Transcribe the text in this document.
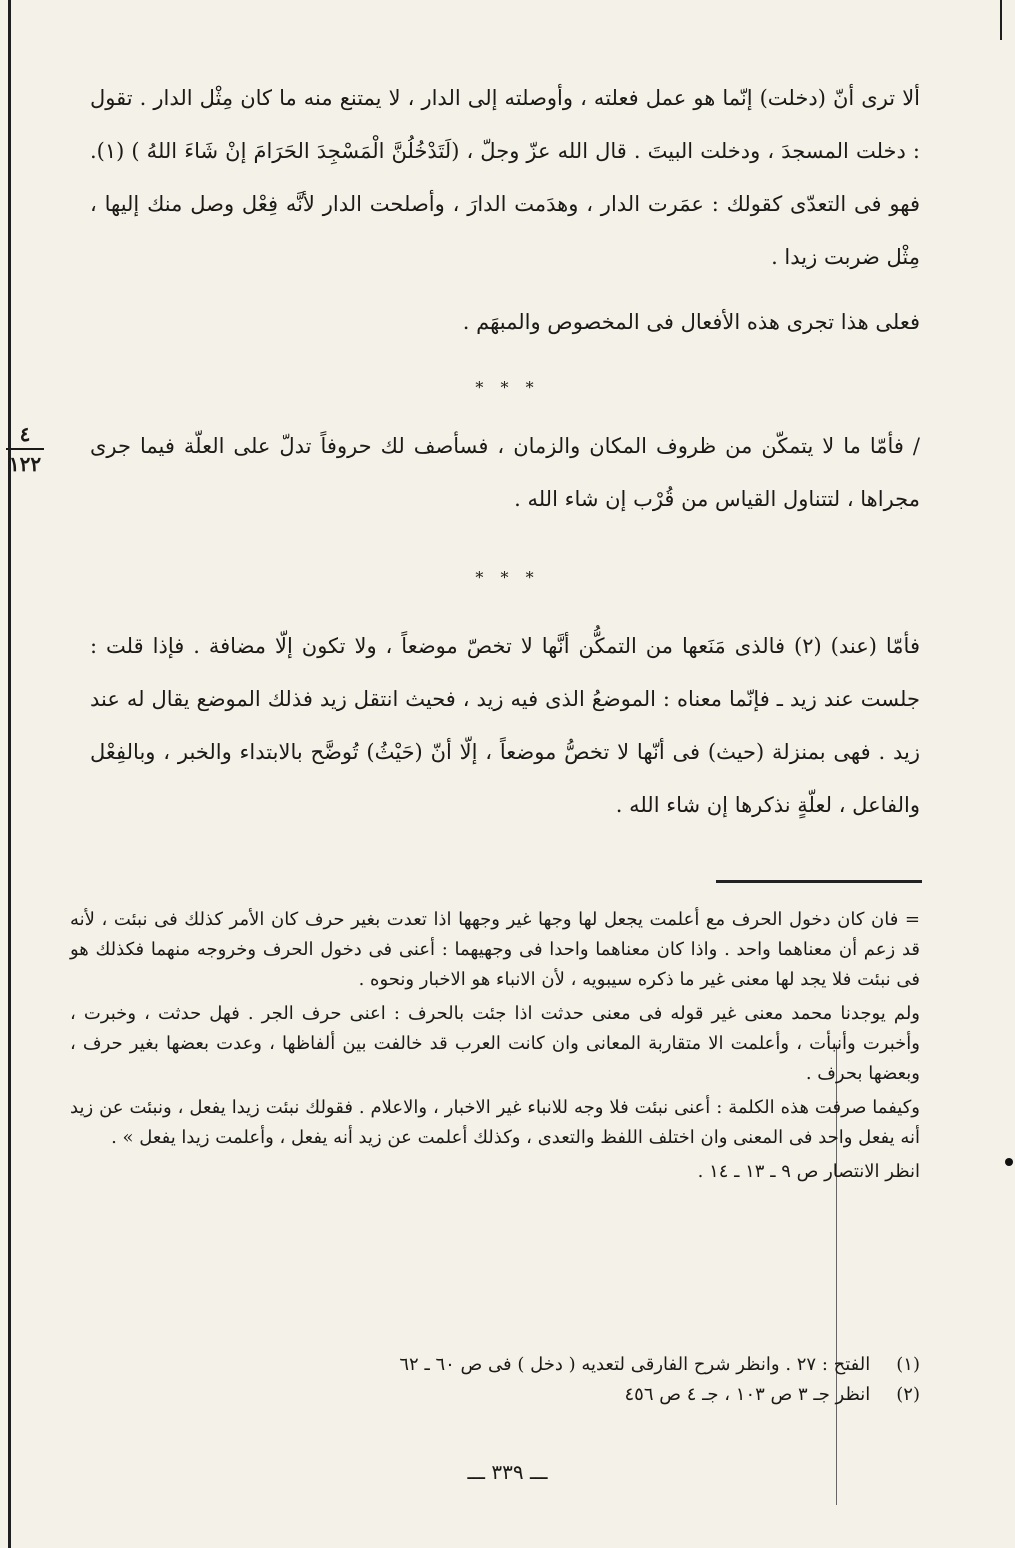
ألا ترى أنّ (دخلت) إنّما هو عمل فعلته ، وأوصلته إلى الدار ، لا يمتنع منه ما كان مِثْل الدار . تقول : دخلت المسجدَ ، ودخلت البيتَ . قال الله عزّ وجلّ ، (لَتَدْخُلُنَّ الْمَسْجِدَ الحَرَامَ إنْ شَاءَ اللهُ ) (١). فهو فى التعدّى كقولك : عمَرت الدار ، وهدَمت الدارَ ، وأصلحت الدار لأنَّه فِعْل وصل منك إليها ، مِثْل ضربت زيدا .

فعلى هذا تجرى هذه الأفعال فى المخصوص والمبهَم .

* * *
٤
١٢٢

/ فأمّا ما لا يتمكّن من ظروف المكان والزمان ، فسأصف لك حروفاً تدلّ على العلّة فيما جرى مجراها ، لتتناول القياس من قُرْب إن شاء الله .

* * *

فأمّا (عند) (٢) فالذى مَنَعها من التمكُّن أنَّها لا تخصّ موضعاً ، ولا تكون إلّا مضافة . فإذا قلت : جلست عند زيد ـ فإنّما معناه : الموضعُ الذى فيه زيد ، فحيث انتقل زيد فذلك الموضع يقال له عند زيد . فهى بمنزلة (حيث) فى أنّها لا تخصُّ موضعاً ، إلّا أنّ (حَيْثُ) تُوضَّح بالابتداء والخبر ، وبالفِعْل والفاعل ، لعلّةٍ نذكرها إن شاء الله .

= فان كان دخول الحرف مع أعلمت يجعل لها وجها غير وجهها اذا تعدت بغير حرف كان الأمر كذلك فى نبئت ، لأنه قد زعم أن معناهما واحد . واذا كان معناهما واحدا فى وجهيهما : أعنى فى دخول الحرف وخروجه منهما فكذلك هو فى نبئت فلا يجد لها معنى غير ما ذكره سيبويه ، لأن الانباء هو الاخبار ونحوه .

ولم يوجدنا محمد معنى غير قوله فى معنى حدثت اذا جئت بالحرف : اعنى حرف الجر . فهل حدثت ، وخبرت ، وأخبرت وأنبأت ، وأعلمت الا متقاربة المعانى وان كانت العرب قد خالفت بين ألفاظها ، وعدت بعضها بغير حرف ، وبعضها بحرف .

وكيفما صرفت هذه الكلمة : أعنى نبئت فلا وجه للانباء غير الاخبار ، والاعلام . فقولك نبئت زيدا يفعل ، ونبئت عن زيد أنه يفعل واحد فى المعنى وان اختلف اللفظ والتعدى ، وكذلك أعلمت عن زيد أنه يفعل ، وأعلمت زيدا يفعل » .

انظر الانتصار ص ٩ ـ ١٣ ـ ١٤ .

(١) الفتح : ٢٧ . وانظر شرح الفارقى لتعديه ( دخل ) فى ص ٦٠ ـ ٦٢
(٢) انظر جـ ٣ ص ١٠٣ ، جـ ٤ ص ٤٥٦
ـــ ٣٣٩ ـــ
